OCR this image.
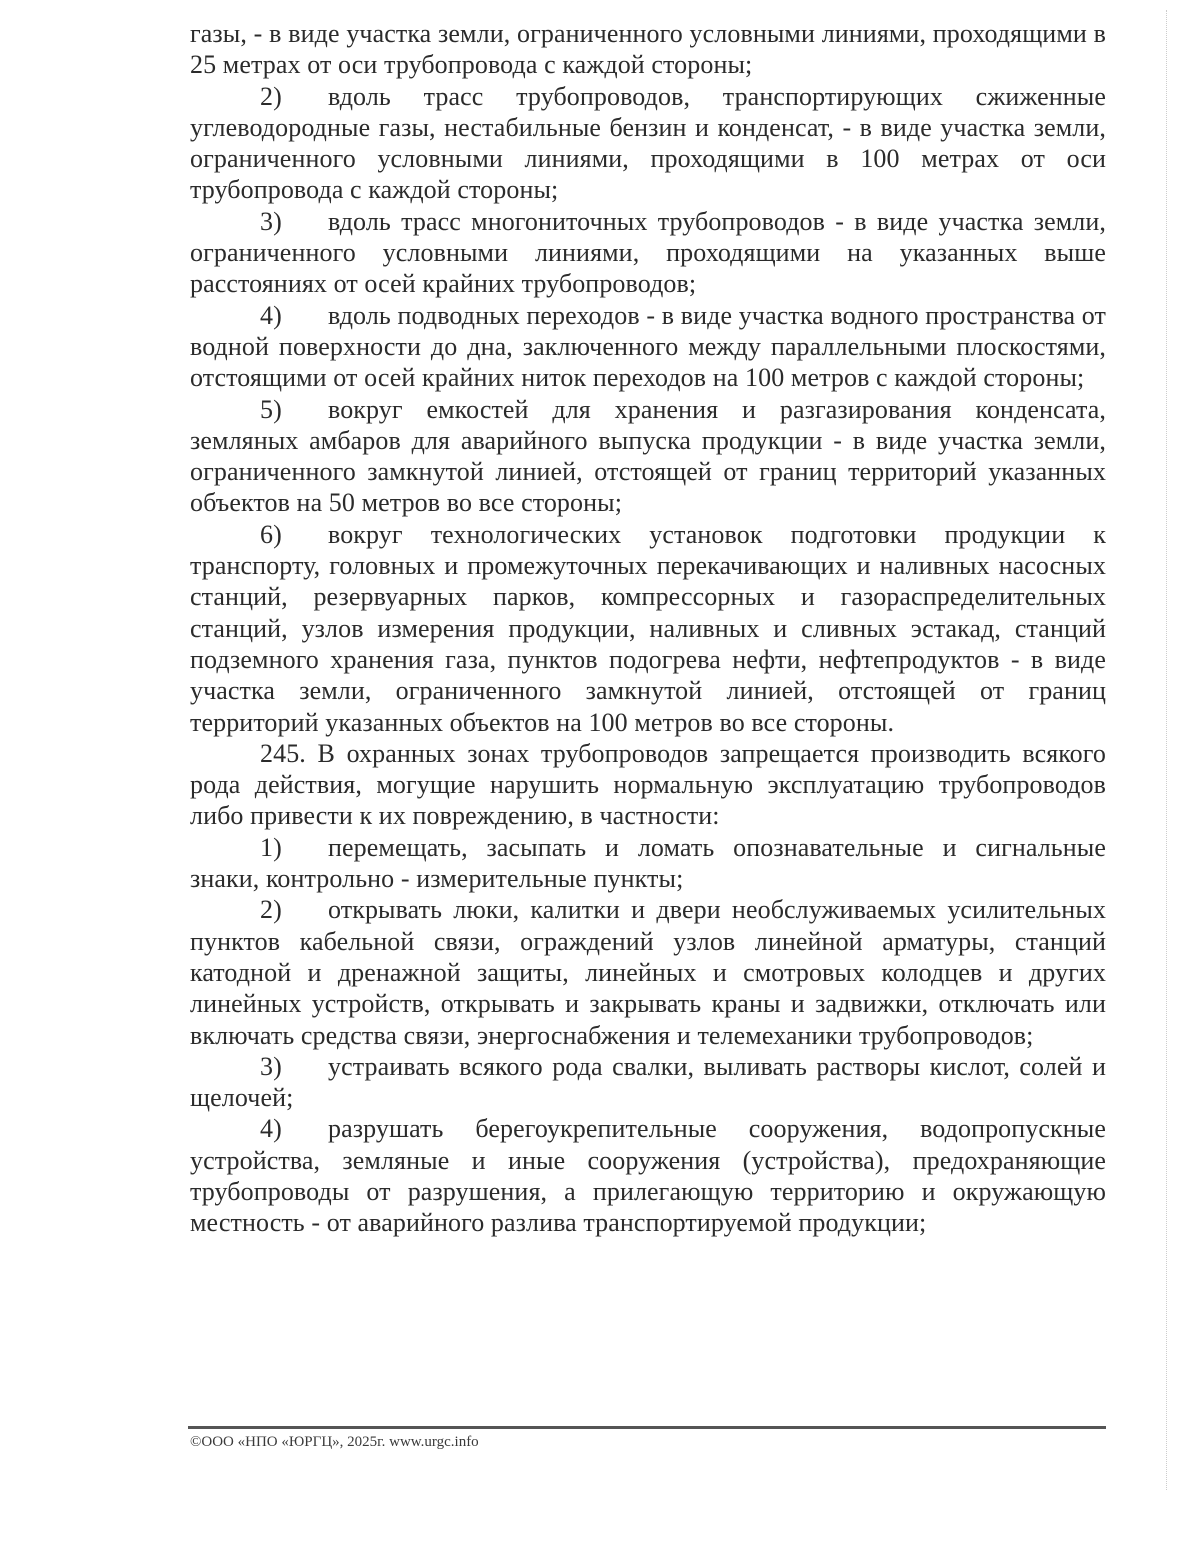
газы, - в виде участка земли, ограниченного условными линиями, проходящими в 25 метрах от оси трубопровода с каждой стороны;

2) вдоль трасс трубопроводов, транспортирующих сжиженные углеводородные газы, нестабильные бензин и конденсат, - в виде участка земли, ограниченного условными линиями, проходящими в 100 метрах от оси трубопровода с каждой стороны;

3) вдоль трасс многониточных трубопроводов - в виде участка земли, ограниченного условными линиями, проходящими на указанных выше расстояниях от осей крайних трубопроводов;

4) вдоль подводных переходов - в виде участка водного пространства от водной поверхности до дна, заключенного между параллельными плоскостями, отстоящими от осей крайних ниток переходов на 100 метров с каждой стороны;

5) вокруг емкостей для хранения и разгазирования конденсата, земляных амбаров для аварийного выпуска продукции - в виде участка земли, ограниченного замкнутой линией, отстоящей от границ территорий указанных объектов на 50 метров во все стороны;

6) вокруг технологических установок подготовки продукции к транспорту, головных и промежуточных перекачивающих и наливных насосных станций, резервуарных парков, компрессорных и газораспределительных станций, узлов измерения продукции, наливных и сливных эстакад, станций подземного хранения газа, пунктов подогрева нефти, нефтепродуктов - в виде участка земли, ограниченного замкнутой линией, отстоящей от границ территорий указанных объектов на 100 метров во все стороны.

245. В охранных зонах трубопроводов запрещается производить всякого рода действия, могущие нарушить нормальную эксплуатацию трубопроводов либо привести к их повреждению, в частности:

1) перемещать, засыпать и ломать опознавательные и сигнальные знаки, контрольно - измерительные пункты;

2) открывать люки, калитки и двери необслуживаемых усилительных пунктов кабельной связи, ограждений узлов линейной арматуры, станций катодной и дренажной защиты, линейных и смотровых колодцев и других линейных устройств, открывать и закрывать краны и задвижки, отключать или включать средства связи, энергоснабжения и телемеханики трубопроводов;

3) устраивать всякого рода свалки, выливать растворы кислот, солей и щелочей;

4) разрушать берегоукрепительные сооружения, водопропускные устройства, земляные и иные сооружения (устройства), предохраняющие трубопроводы от разрушения, а прилегающую территорию и окружающую местность - от аварийного разлива транспортируемой продукции;

©ООО «НПО «ЮРГЦ», 2025г. www.urgc.info
